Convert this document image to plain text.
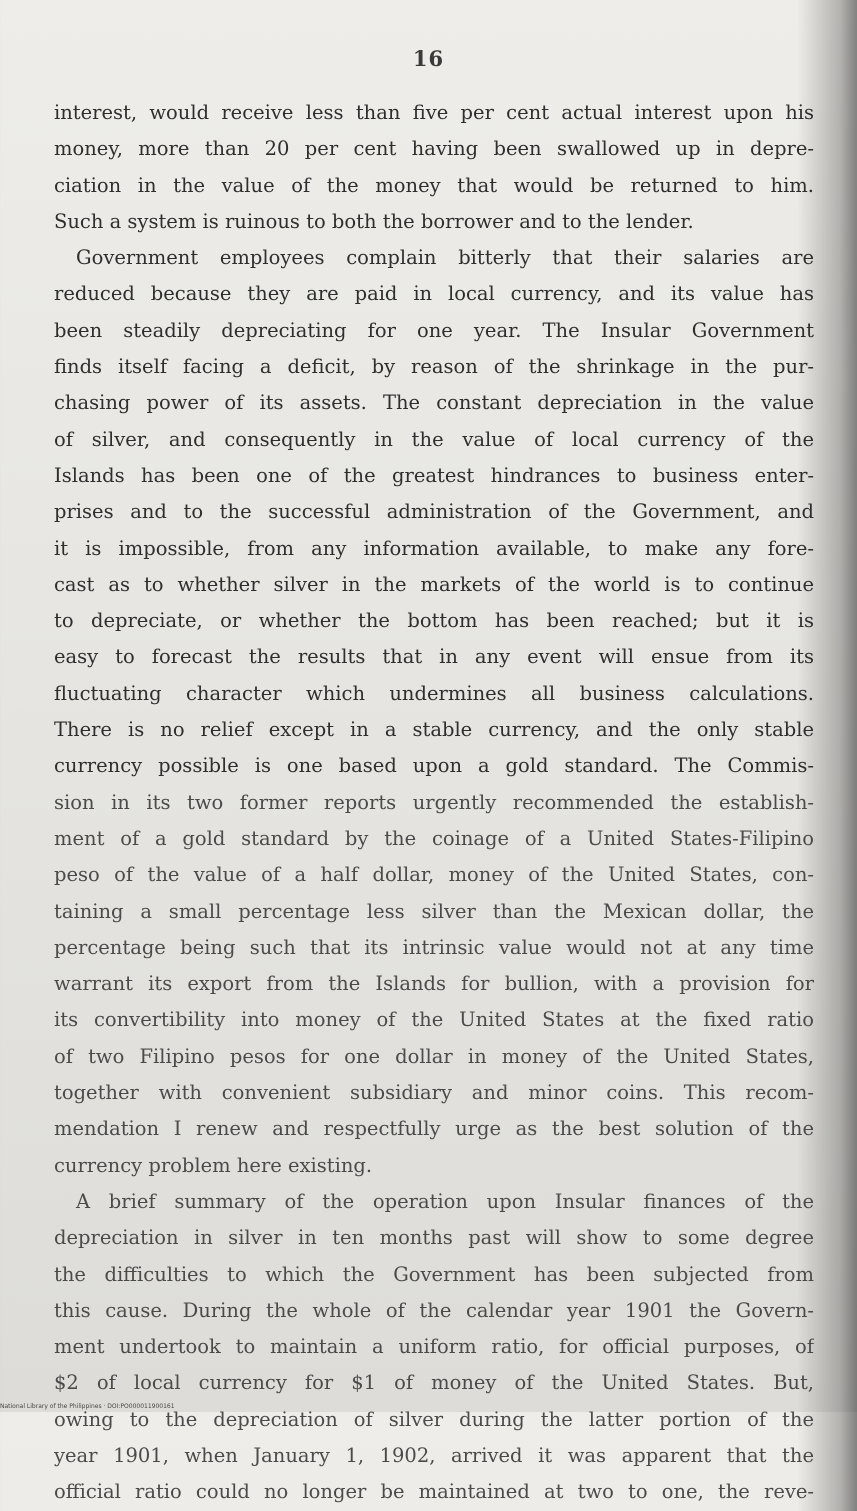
16
interest, would receive less than five per cent actual interest upon his
money, more than 20 per cent having been swallowed up in depre-
ciation in the value of the money that would be returned to him.
Such a system is ruinous to both the borrower and to the lender.
Government employees complain bitterly that their salaries are
reduced because they are paid in local currency, and its value has
been steadily depreciating for one year. The Insular Government
finds itself facing a deficit, by reason of the shrinkage in the pur-
chasing power of its assets. The constant depreciation in the value
of silver, and consequently in the value of local currency of the
Islands has been one of the greatest hindrances to business enter-
prises and to the successful administration of the Government, and
it is impossible, from any information available, to make any fore-
cast as to whether silver in the markets of the world is to continue
to depreciate, or whether the bottom has been reached; but it is
easy to forecast the results that in any event will ensue from its
fluctuating character which undermines all business calculations.
There is no relief except in a stable currency, and the only stable
currency possible is one based upon a gold standard. The Commis-
sion in its two former reports urgently recommended the establish-
ment of a gold standard by the coinage of a United States-Filipino
peso of the value of a half dollar, money of the United States, con-
taining a small percentage less silver than the Mexican dollar, the
percentage being such that its intrinsic value would not at any time
warrant its export from the Islands for bullion, with a provision for
its convertibility into money of the United States at the fixed ratio
of two Filipino pesos for one dollar in money of the United States,
together with convenient subsidiary and minor coins. This recom-
mendation I renew and respectfully urge as the best solution of the
currency problem here existing.
A brief summary of the operation upon Insular finances of the
depreciation in silver in ten months past will show to some degree
the difficulties to which the Government has been subjected from
this cause. During the whole of the calendar year 1901 the Govern-
ment undertook to maintain a uniform ratio, for official purposes, of
$2 of local currency for $1 of money of the United States. But,
owing to the depreciation of silver during the latter portion of the
year 1901, when January 1, 1902, arrived it was apparent that the
official ratio could no longer be maintained at two to one, the reve-
National Library of the Philippines · DOI:PO000011900161
